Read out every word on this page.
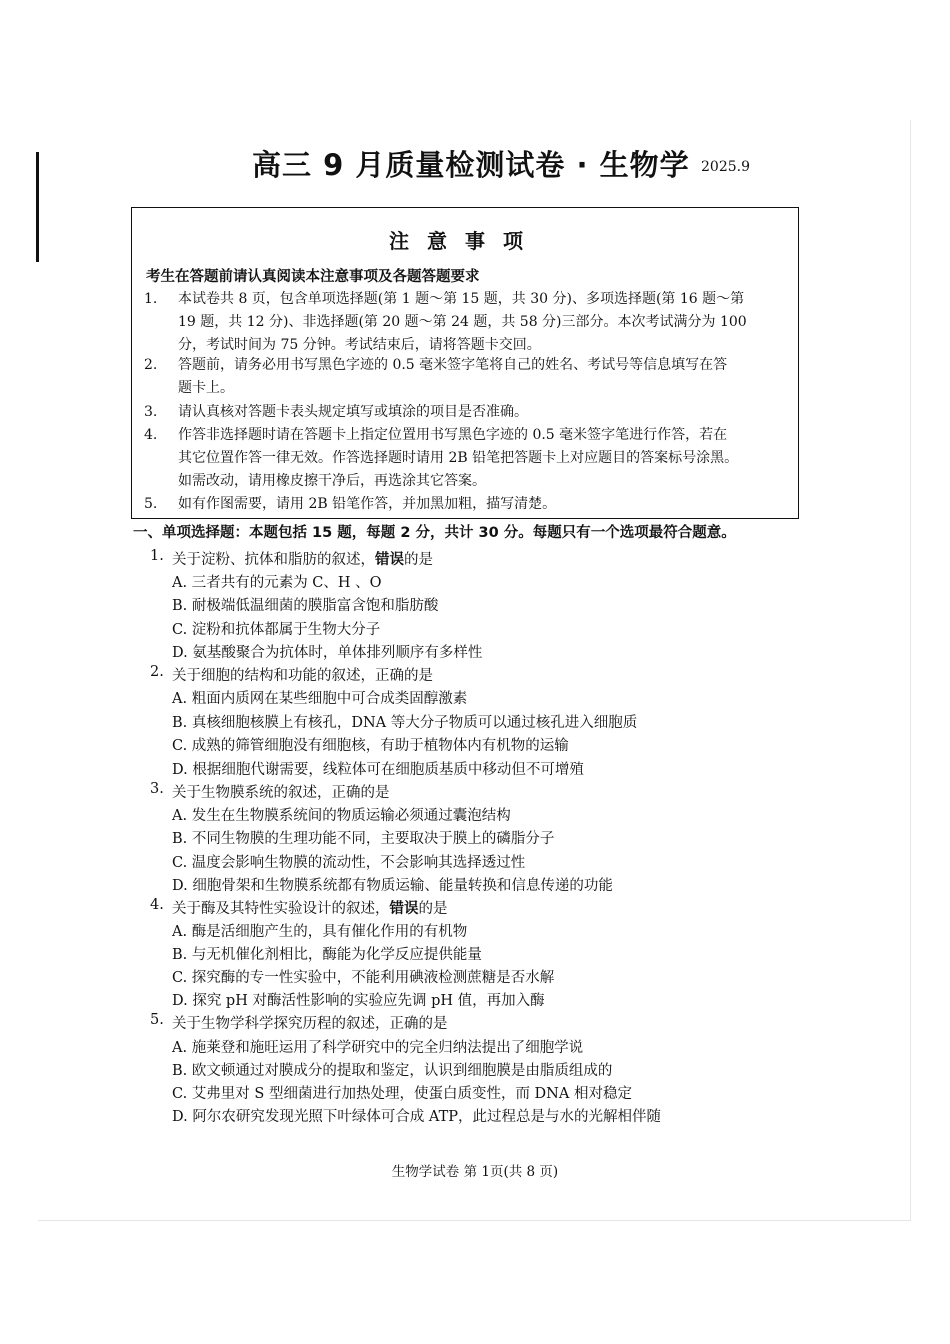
高三 9 月质量检测试卷 · 生物学 2025.9
注意事项
考生在答题前请认真阅读本注意事项及各题答题要求
1.	本试卷共 8 页，包含单项选择题(第 1 题～第 15 题，共 30 分)、多项选择题(第 16 题～第
19 题，共 12 分)、非选择题(第 20 题～第 24 题，共 58 分)三部分。本次考试满分为 100
分，考试时间为 75 分钟。考试结束后，请将答题卡交回。
2.	答题前，请务必用书写黑色字迹的 0.5 毫米签字笔将自己的姓名、考试号等信息填写在答
题卡上。
3.	请认真核对答题卡表头规定填写或填涂的项目是否准确。
4.	作答非选择题时请在答题卡上指定位置用书写黑色字迹的 0.5 毫米签字笔进行作答，若在
其它位置作答一律无效。作答选择题时请用 2B 铅笔把答题卡上对应题目的答案标号涂黑。
如需改动，请用橡皮擦干净后，再选涂其它答案。
5.	如有作图需要，请用 2B 铅笔作答，并加黑加粗，描写清楚。
一、单项选择题：本题包括 15 题，每题 2 分，共计 30 分。每题只有一个选项最符合题意。
1. 关于淀粉、抗体和脂肪的叙述，错误的是
A. 三者共有的元素为 C、H 、O
B. 耐极端低温细菌的膜脂富含饱和脂肪酸
C. 淀粉和抗体都属于生物大分子
D. 氨基酸聚合为抗体时，单体排列顺序有多样性
2. 关于细胞的结构和功能的叙述，正确的是
A. 粗面内质网在某些细胞中可合成类固醇激素
B. 真核细胞核膜上有核孔，DNA 等大分子物质可以通过核孔进入细胞质
C. 成熟的筛管细胞没有细胞核，有助于植物体内有机物的运输
D. 根据细胞代谢需要，线粒体可在细胞质基质中移动但不可增殖
3. 关于生物膜系统的叙述，正确的是
A. 发生在生物膜系统间的物质运输必须通过囊泡结构
B. 不同生物膜的生理功能不同，主要取决于膜上的磷脂分子
C. 温度会影响生物膜的流动性，不会影响其选择透过性
D. 细胞骨架和生物膜系统都有物质运输、能量转换和信息传递的功能
4. 关于酶及其特性实验设计的叙述，错误的是
A. 酶是活细胞产生的，具有催化作用的有机物
B. 与无机催化剂相比，酶能为化学反应提供能量
C. 探究酶的专一性实验中，不能利用碘液检测蔗糖是否水解
D. 探究 pH 对酶活性影响的实验应先调 pH 值，再加入酶
5. 关于生物学科学探究历程的叙述，正确的是
A. 施莱登和施旺运用了科学研究中的完全归纳法提出了细胞学说
B. 欧文顿通过对膜成分的提取和鉴定，认识到细胞膜是由脂质组成的
C. 艾弗里对 S 型细菌进行加热处理，使蛋白质变性，而 DNA 相对稳定
D. 阿尔农研究发现光照下叶绿体可合成 ATP，此过程总是与水的光解相伴随
生物学试卷 第 1页(共 8 页)
